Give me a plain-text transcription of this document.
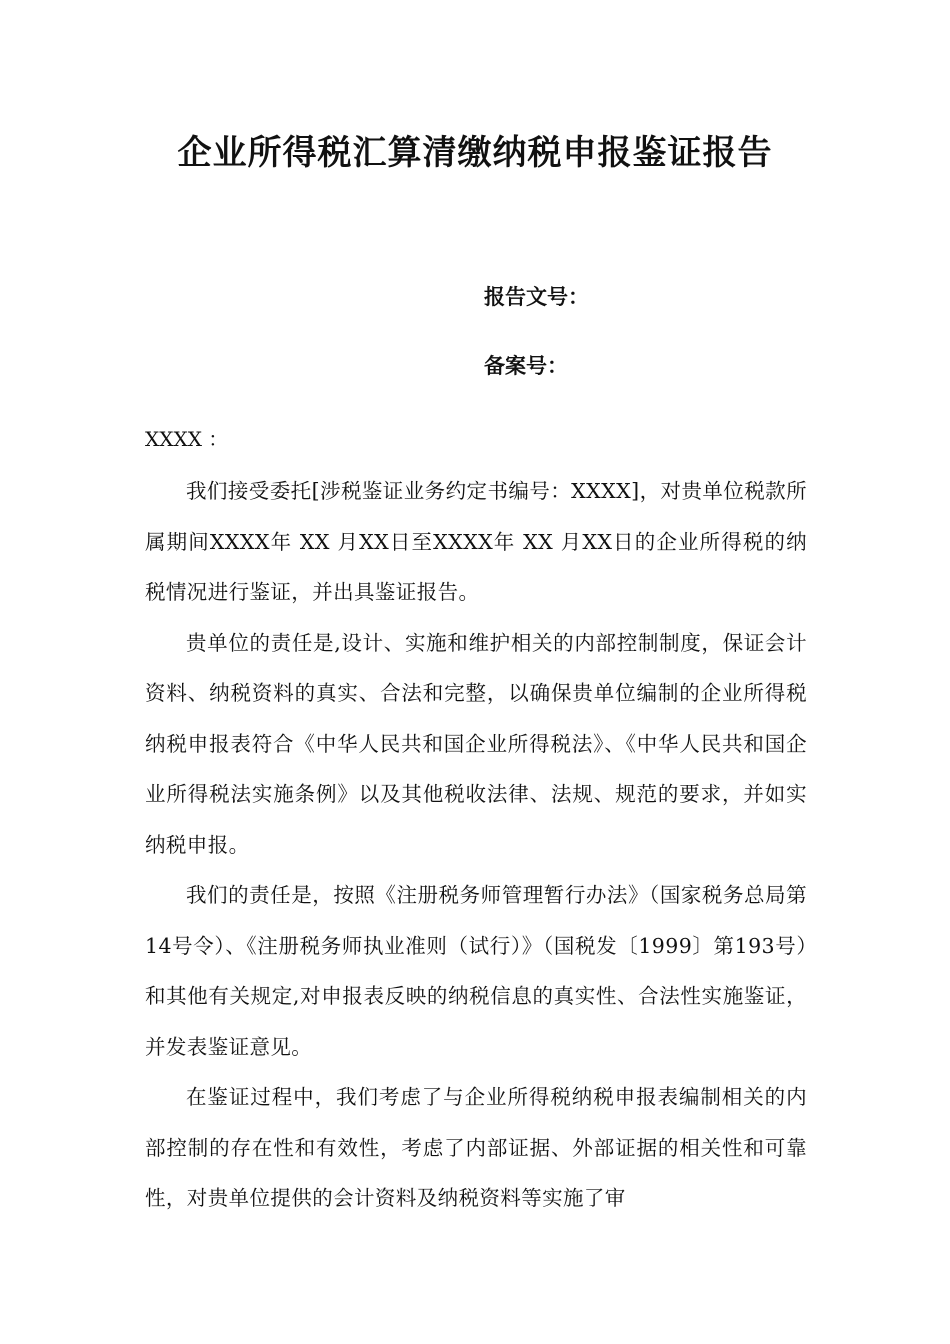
企业所得税汇算清缴纳税申报鉴证报告
报告文号：
备案号：
XXXX ：

我们接受委托[涉税鉴证业务约定书编号：XXXX]，对贵单位税款所属期间XXXX年 XX 月XX日至XXXX年 XX 月XX日的企业所得税的纳税情况进行鉴证，并出具鉴证报告。

贵单位的责任是,设计、实施和维护相关的内部控制制度，保证会计资料、纳税资料的真实、合法和完整，以确保贵单位编制的企业所得税纳税申报表符合《中华人民共和国企业所得税法》、《中华人民共和国企业所得税法实施条例》以及其他税收法律、法规、规范的要求，并如实纳税申报。

我们的责任是，按照《注册税务师管理暂行办法》（国家税务总局第14号令）、《注册税务师执业准则（试行）》（国税发〔1999〕第193号）和其他有关规定,对申报表反映的纳税信息的真实性、合法性实施鉴证，并发表鉴证意见。

在鉴证过程中，我们考虑了与企业所得税纳税申报表编制相关的内部控制的存在性和有效性，考虑了内部证据、外部证据的相关性和可靠性，对贵单位提供的会计资料及纳税资料等实施了审
